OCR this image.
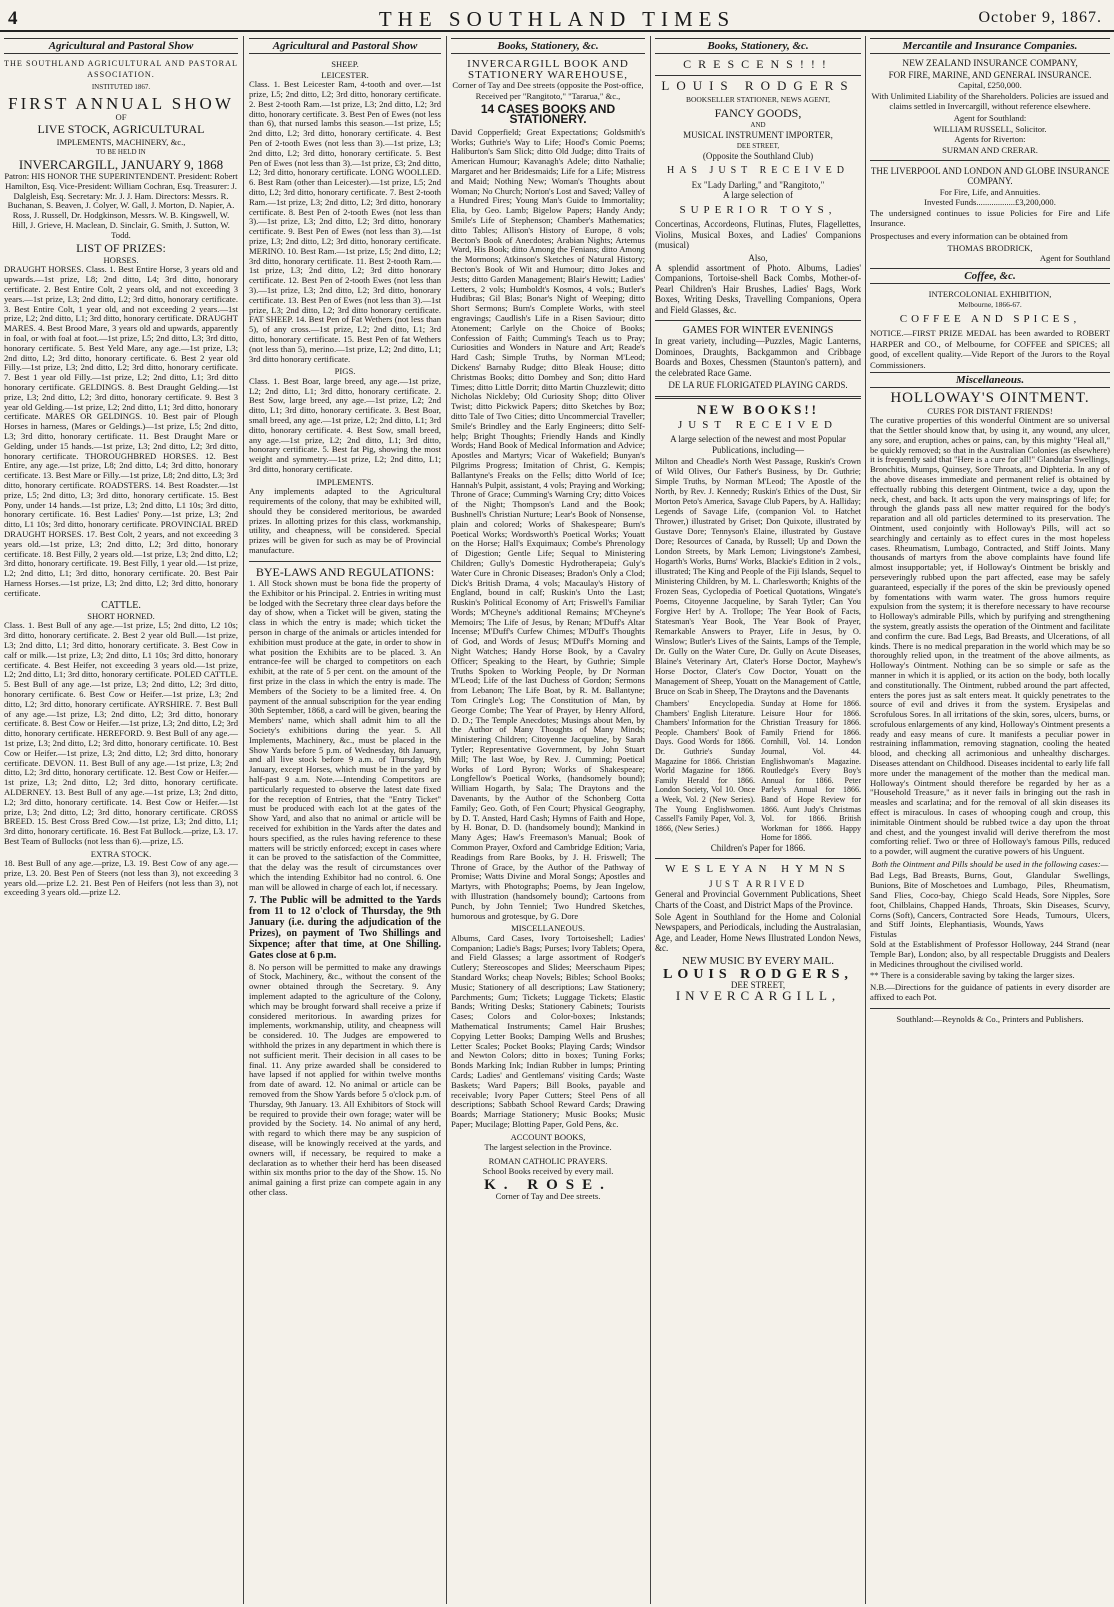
4	THE SOUTHLAND TIMES	October 9, 1867.
Agricultural and Pastoral Show
THE SOUTHLAND AGRICULTURAL AND PASTORAL ASSOCIATION.
INSTITUTED 1867.
FIRST ANNUAL SHOW
OF
LIVE STOCK, AGRICULTURAL
IMPLEMENTS, MACHINERY, &c.,
TO BE HELD IN
INVERCARGILL, JANUARY 9, 1868

Patron: HIS HONOR THE SUPERINTENDENT. President: Robert Hamilton, Esq. Vice-President: William Cochran, Esq. Treasurer: J. Dalgleish, Esq. Secretary: Mr. J. J. Ham. Directors: Messrs. R. Buchanan, S. Beaven, J. Colyer, W. Gall, J. Morton, D. Napier, A. Ross, J. Russell, Dr. Hodgkinson, Messrs. W. B. Kingswell, W. Hill, J. Grieve, H. Maclean, D. Sinclair, G. Smith, J. Sutton, W. Todd.

LIST OF PRIZES:
HORSES.

DRAUGHT HORSES. Class. 1. Best Entire Horse, 3 years old and upwards.—1st prize, L8; 2nd ditto, L4; 3rd ditto, honorary certificate. 2. Best Entire Colt, 2 years old, and not exceeding 3 years.—1st prize, L3; 2nd ditto, L2; 3rd ditto, honorary certificate. 3. Best Entire Colt, 1 year old, and not exceeding 2 years.—1st prize, L2; 2nd ditto, L1; 3rd ditto, honorary certificate. DRAUGHT MARES. 4. Best Brood Mare, 3 years old and upwards, apparently in foal, or with foal at foot.—1st prize, L5; 2nd ditto, L3; 3rd ditto, honorary certificate. 5. Best Yeld Mare, any age.—1st prize, L3; 2nd ditto, L2; 3rd ditto, honorary certificate. 6. Best 2 year old Filly.—1st prize, L3; 2nd ditto, L2; 3rd ditto, honorary certificate. 7. Best 1 year old Filly.—1st prize, L2; 2nd ditto, L1; 3rd ditto honorary certificate. GELDINGS. 8. Best Draught Gelding.—1st prize, L3; 2nd ditto, L2; 3rd ditto, honorary certificate. 9. Best 3 year old Gelding.—1st prize, L2; 2nd ditto, L1; 3rd ditto, honorary certificate. MARES OR GELDINGS. 10. Best pair of Plough Horses in harness, (Mares or Geldings.)—1st prize, L5; 2nd ditto, L3; 3rd ditto, honorary certificate. 11. Best Draught Mare or Gelding, under 15 hands.—1st prize, L3; 2nd ditto, L2; 3rd ditto, honorary certificate. THOROUGHBRED HORSES. 12. Best Entire, any age.—1st prize, L8; 2nd ditto, L4; 3rd ditto, honorary certificate. 13. Best Mare or Filly.—1st prize, L8; 2nd ditto, L3; 3rd ditto, honorary certificate. ROADSTERS. 14. Best Roadster.—1st prize, L5; 2nd ditto, L3; 3rd ditto, honorary certificate. 15. Best Pony, under 14 hands.—1st prize, L3; 2nd ditto, L1 10s; 3rd ditto, honorary certificate. 16. Best Ladies' Pony.—1st prize, L3; 2nd ditto, L1 10s; 3rd ditto, honorary certificate. PROVINCIAL BRED DRAUGHT HORSES. 17. Best Colt, 2 years, and not exceeding 3 years old.—1st prize, L3; 2nd ditto, L2; 3rd ditto, honorary certificate. 18. Best Filly, 2 years old.—1st prize, L3; 2nd ditto, L2; 3rd ditto, honorary certificate. 19. Best Filly, 1 year old.—1st prize, L2; 2nd ditto, L1; 3rd ditto, honorary certificate. 20. Best Pair Harness Horses.—1st prize, L3; 2nd ditto, L2; 3rd ditto, honorary certificate.

CATTLE.
SHORT HORNED.

Class. 1. Best Bull of any age.—1st prize, L5; 2nd ditto, L2 10s; 3rd ditto, honorary certificate. 2. Best 2 year old Bull.—1st prize, L3; 2nd ditto, L1; 3rd ditto, honorary certificate. 3. Best Cow in calf or milk.—1st prize, L3; 2nd ditto, L1 10s; 3rd ditto, honorary certificate. 4. Best Heifer, not exceeding 3 years old.—1st prize, L2; 2nd ditto, L1; 3rd ditto, honorary certificate. POLED CATTLE. 5. Best Bull of any age.—1st prize, L3; 2nd ditto, L2; 3rd ditto, honorary certificate. 6. Best Cow or Heifer.—1st prize, L3; 2nd ditto, L2; 3rd ditto, honorary certificate. AYRSHIRE. 7. Best Bull of any age.—1st prize, L3; 2nd ditto, L2; 3rd ditto, honorary certificate. 8. Best Cow or Heifer.—1st prize, L3; 2nd ditto, L2; 3rd ditto, honorary certificate. HEREFORD. 9. Best Bull of any age.—1st prize, L3; 2nd ditto, L2; 3rd ditto, honorary certificate. 10. Best Cow or Heifer.—1st prize, L3; 2nd ditto, L2; 3rd ditto, honorary certificate. DEVON. 11. Best Bull of any age.—1st prize, L3; 2nd ditto, L2; 3rd ditto, honorary certificate. 12. Best Cow or Heifer.—1st prize, L3; 2nd ditto, L2; 3rd ditto, honorary certificate. ALDERNEY. 13. Best Bull of any age.—1st prize, L3; 2nd ditto, L2; 3rd ditto, honorary certificate. 14. Best Cow or Heifer.—1st prize, L3; 2nd ditto, L2; 3rd ditto, honorary certificate. CROSS BREED. 15. Best Cross Bred Cow.—1st prize, L3; 2nd ditto, L1; 3rd ditto, honorary certificate. 16. Best Fat Bullock.—prize, L3. 17. Best Team of Bullocks (not less than 6).—prize, L5.

EXTRA STOCK.

18. Best Bull of any age.—prize, L3. 19. Best Cow of any age.—prize, L3. 20. Best Pen of Steers (not less than 3), not exceeding 3 years old.—prize L2. 21. Best Pen of Heifers (not less than 3), not exceeding 3 years old.—prize L2.

Agricultural and Pastoral Show
SHEEP.
LEICESTER.

Class. 1. Best Leicester Ram, 4-tooth and over.—1st prize, L5; 2nd ditto, L2; 3rd ditto, honorary certificate. 2. Best 2-tooth Ram.—1st prize, L3; 2nd ditto, L2; 3rd ditto, honorary certificate. 3. Best Pen of Ewes (not less than 6), that nursed lambs this season.—1st prize, L5; 2nd ditto, L2; 3rd ditto, honorary certificate. 4. Best Pen of 2-tooth Ewes (not less than 3).—1st prize, L3; 2nd ditto, L2; 3rd ditto, honorary certificate. 5. Best Pen of Ewes (not less than 3).—1st prize, £3; 2nd ditto, L2; 3rd ditto, honorary certificate. LONG WOOLLED. 6. Best Ram (other than Leicester).—1st prize, L5; 2nd ditto, L2; 3rd ditto, honorary certificate. 7. Best 2-tooth Ram.—1st prize, L3; 2nd ditto, L2; 3rd ditto, honorary certificate. 8. Best Pen of 2-tooth Ewes (not less than 3).—1st prize, L3; 2nd ditto, L2; 3rd ditto, honorary certificate. 9. Best Pen of Ewes (not less than 3).—1st prize, L3; 2nd ditto, L2; 3rd ditto, honorary certificate. MERINO. 10. Best Ram.—1st prize, L5; 2nd ditto, L2; 3rd ditto, honorary certificate. 11. Best 2-tooth Ram.—1st prize, L3; 2nd ditto, L2; 3rd ditto honorary certificate. 12. Best Pen of 2-tooth Ewes (not less than 3).—1st prize, L3; 2nd ditto, L2; 3rd ditto, honorary certificate. 13. Best Pen of Ewes (not less than 3).—1st prize, L3; 2nd ditto, L2; 3rd ditto honorary certificate. FAT SHEEP. 14. Best Pen of Fat Wethers (not less than 5), of any cross.—1st prize, L2; 2nd ditto, L1; 3rd ditto, honorary certificate. 15. Best Pen of fat Wethers (not less than 5), merino.—1st prize, L2; 2nd ditto, L1; 3rd ditto honorary certificate.

PIGS.

Class. 1. Best Boar, large breed, any age.—1st prize, L2; 2nd ditto, L1; 3rd ditto, honorary certificate. 2. Best Sow, large breed, any age.—1st prize, L2; 2nd ditto, L1; 3rd ditto, honorary certificate. 3. Best Boar, small breed, any age.—1st prize, L2; 2nd ditto, L1; 3rd ditto, honorary certificate. 4. Best Sow, small breed, any age.—1st prize, L2; 2nd ditto, L1; 3rd ditto, honorary certificate. 5. Best fat Pig, showing the most weight and symmetry.—1st prize, L2; 2nd ditto, L1; 3rd ditto, honorary certificate.

IMPLEMENTS.

Any implements adapted to the Agricultural requirements of the colony, that may be exhibited will, should they be considered meritorious, be awarded prizes. In allotting prizes for this class, workmanship, utility, and cheapness, will be considered. Special prizes will be given for such as may be of Provincial manufacture.

BYE-LAWS AND REGULATIONS:

1. All Stock shown must be bona fide the property of the Exhibitor or his Principal. 2. Entries in writing must be lodged with the Secretary three clear days before the day of show, when a Ticket will be given, stating the class in which the entry is made; which ticket the person in charge of the animals or articles intended for exhibition must produce at the gate, in order to show in what position the Exhibits are to be placed. 3. An entrance-fee will be charged to competitors on each exhibit, at the rate of 5 per cent. on the amount of the first prize in the class in which the entry is made. The Members of the Society to be a limited free. 4. On payment of the annual subscription for the year ending 30th September, 1868, a card will be given, bearing the Members' name, which shall admit him to all the Society's exhibitions during the year. 5. All Implements, Machinery, &c., must be placed in the Show Yards before 5 p.m. of Wednesday, 8th January, and all live stock before 9 a.m. of Thursday, 9th January, except Horses, which must be in the yard by half-past 9 a.m. Note.—Intending Competitors are particularly requested to observe the latest date fixed for the reception of Entries, that the "Entry Ticket" must be produced with each lot at the gates of the Show Yard, and also that no animal or article will be received for exhibition in the Yards after the dates and hours specified, as the rules having reference to these matters will be strictly enforced; except in cases where it can be proved to the satisfaction of the Committee, that the delay was the result of circumstances over which the intending Exhibitor had no control. 6. One man will be allowed in charge of each lot, if necessary.

7. The Public will be admitted to the Yards from 11 to 12 o'clock of Thursday, the 9th January (i.e. during the adjudication of the Prizes), on payment of Two Shillings and Sixpence; after that time, at One Shilling. Gates close at 6 p.m.

8. No person will be permitted to make any drawings of Stock, Machinery, &c., without the consent of the owner obtained through the Secretary. 9. Any implement adapted to the agriculture of the Colony, which may be brought forward shall receive a prize if considered meritorious. In awarding prizes for implements, workmanship, utility, and cheapness will be considered. 10. The Judges are empowered to withhold the prizes in any department in which there is not sufficient merit. Their decision in all cases to be final. 11. Any prize awarded shall be considered to have lapsed if not applied for within twelve months from date of award. 12. No animal or article can be removed from the Show Yards before 5 o'clock p.m. of Thursday, 9th January. 13. All Exhibitors of Stock will be required to provide their own forage; water will be provided by the Society. 14. No animal of any herd, with regard to which there may be any suspicion of disease, will be knowingly received at the yards, and owners will, if necessary, be required to make a declaration as to whether their herd has been diseased within six months prior to the day of the Show. 15. No animal gaining a first prize can compete again in any other class.

Books, Stationery, &c.
INVERCARGILL BOOK AND
STATIONERY WAREHOUSE,
Corner of Tay and Dee streets (opposite the Post-office,
Received per "Rangitoto," "Tararua," &c.,
14 CASES BOOKS AND STATIONERY.

David Copperfield; Great Expectations; Goldsmith's Works; Guthrie's Way to Life; Hood's Comic Poems; Haliburton's Sam Slick; ditto Old Judge; ditto Traits of American Humour; Kavanagh's Adele; ditto Nathalie; Margaret and her Bridesmaids; Life for a Life; Mistress and Maid; Nothing New; Woman's Thoughts about Woman; No Church; Norton's Lost and Saved; Valley of a Hundred Fires; Young Man's Guide to Immortality; Elia, by Geo. Lamb; Bigelow Papers; Handy Andy; Smile's Life of Stephenson; Chamber's Mathematics; ditto Tables; Allison's History of Europe, 8 vols; Becton's Book of Anecdotes; Arabian Nights; Artemus Ward, His Book; ditto Among the Fenians; ditto Among the Mormons; Atkinson's Sketches of Natural History; Becton's Book of Wit and Humour; ditto Jokes and Jests; ditto Garden Management; Blair's Hewitt; Ladies' Letters, 2 vols; Humboldt's Kosmos, 4 vols.; Butler's Hudibras; Gil Blas; Bonar's Night of Weeping; ditto Short Sermons; Burn's Complete Works, with steel engravings; Caudlish's Life in a Risen Saviour; ditto Atonement; Carlyle on the Choice of Books; Confession of Faith; Cumming's Teach us to Pray; Curiosities and Wonders in Nature and Art; Reade's Hard Cash; Simple Truths, by Norman M'Leod; Dickens' Barnaby Rudge; ditto Bleak House; ditto Christmas Books; ditto Dombey and Son; ditto Hard Times; ditto Little Dorrit; ditto Martin Chuzzlewit; ditto Nicholas Nickleby; Old Curiosity Shop; ditto Oliver Twist; ditto Pickwick Papers; ditto Sketches by Boz; ditto Tale of Two Cities; ditto Uncommercial Traveller; Smile's Brindley and the Early Engineers; ditto Self-help; Bright Thoughts; Friendly Hands and Kindly Words; Hand Book of Medical Information and Advice; Apostles and Martyrs; Vicar of Wakefield; Bunyan's Pilgrims Progress; Imitation of Christ, G. Kempis; Ballantyne's Freaks on the Fells; ditto World of Ice; Hannah's Pulpit, assistant, 4 vols; Praying and Working; Throne of Grace; Cumming's Warning Cry; ditto Voices of the Night; Thompson's Land and the Book; Bushnell's Christian Nurture; Lear's Book of Nonsense, plain and colored; Works of Shakespeare; Burn's Poetical Works; Wordsworth's Poetical Works; Youatt on the Horse; Hall's Exquimaux; Combe's Phrenology of Digestion; Gentle Life; Sequal to Ministering Children; Gully's Domestic Hydrotherapeia; Guly's Water Cure in Chronic Diseases; Bradon's Only a Clod; Dick's British Drama, 4 vols; Macaulay's History of England, bound in calf; Ruskin's Unto the Last; Ruskin's Political Economy of Art; Friswell's Familiar Words; M'Cheyne's additional Remains; M'Cheyne's Memoirs; The Life of Jesus, by Renan; M'Duff's Altar Incense; M'Duff's Curfew Chimes; M'Duff's Thoughts of God, and Words of Jesus; M'Duff's Morning and Night Watches; Handy Horse Book, by a Cavalry Officer; Speaking to the Heart, by Guthrie; Simple Truths Spoken to Working People, by Dr Norman M'Leod; Life of the last Duchess of Gordon; Sermons from Lebanon; The Life Boat, by R. M. Ballantyne; Tom Cringle's Log; The Constitution of Man, by George Combe; The Year of Prayer, by Henry Alford, D. D.; The Temple Anecdotes; Musings about Men, by the Author of Many Thoughts of Many Minds; Ministering Children; Citoyenne Jacqueline, by Sarah Tytler; Representative Government, by John Stuart Mill; The last Woe, by Rev. J. Cumming; Poetical Works of Lord Byron; Works of Shakespeare; Longfellow's Poetical Works, (handsomely bound); William Hogarth, by Sala; The Draytons and the Davenants, by the Author of the Schonberg Cotta Family; Geo. Goth, of Fen Court; Physical Geography, by D. T. Ansted, Hard Cash; Hymns of Faith and Hope, by H. Bonar, D. D. (handsomely bound); Mankind in Many Ages; Haw's Freemason's Manual; Book of Common Prayer, Oxford and Cambridge Edition; Varia, Readings from Rare Books, by J. H. Friswell; The Throne of Grace, by the Author of the Pathway of Promise; Watts Divine and Moral Songs; Apostles and Martyrs, with Photographs; Poems, by Jean Ingelow, with Illustration (handsomely bound); Cartoons from Punch, by John Tenniel; Two Hundred Sketches, humorous and grotesque, by G. Dore

MISCELLANEOUS.

Albums, Card Cases, Ivory Tortoiseshell; Ladies' Companion; Ladie's Bags; Purses; Ivory Tablets; Opera, and Field Glasses; a large assortment of Rodger's Cutlery; Stereoscopes and Slides; Meerschaum Pipes; Standard Works; cheap Novels; Bibles; School Books; Music; Stationery of all descriptions; Law Stationery; Parchments; Gum; Tickets; Luggage Tickets; Elastic Bands; Writing Desks; Stationery Cabinets; Tourists Cases; Colors and Color-boxes; Inkstands; Mathematical Instruments; Camel Hair Brushes; Copying Letter Books; Damping Wells and Brushes; Letter Scales; Pocket Books; Playing Cards; Windsor and Newton Colors; ditto in boxes; Tuning Forks; Bonds Marking Ink; Indian Rubber in lumps; Printing Cards; Ladies' and Gentlemans' visiting Cards; Waste Baskets; Ward Papers; Bill Books, payable and receivable; Ivory Paper Cutters; Steel Pens of all descriptions; Sabbath School Reward Cards; Drawing Boards; Marriage Stationery; Music Books; Music Paper; Mucilage; Blotting Paper, Gold Pens, &c.

ACCOUNT BOOKS,
The largest selection in the Province.
ROMAN CATHOLIC PRAYERS.
School Books received by every mail.
K. ROSE.
Corner of Tay and Dee streets.
Books, Stationery, &c.
CRESCENS!!!
LOUIS RODGERS
BOOKSELLER STATIONER, NEWS AGENT,
FANCY GOODS,
AND
MUSICAL INSTRUMENT IMPORTER,
DEE STREET,
(Opposite the Southland Club)
HAS JUST RECEIVED
Ex "Lady Darling," and "Rangitoto,"
A large selection of
SUPERIOR TOYS,

Concertinas, Accordeons, Flutinas, Flutes, Flagellettes, Violins, Musical Boxes, and Ladies' Companions (musical)

Also,

A splendid assortment of Photo. Albums, Ladies' Companions, Tortoise-shell Back Combs, Mother-of-Pearl Children's Hair Brushes, Ladies' Bags, Work Boxes, Writing Desks, Travelling Companions, Opera and Field Glasses, &c.

GAMES FOR WINTER EVENINGS

In great variety, including—Puzzles, Magic Lanterns, Dominoes, Draughts, Backgammon and Cribbage Boards and Boxes, Chessmen (Staunton's pattern), and the celebrated Race Game.

DE LA RUE FLORIGATED PLAYING CARDS.
NEW BOOKS!!
JUST RECEIVED

A large selection of the newest and most Popular Publications, including—

Milton and Cheadle's North West Passage, Ruskin's Crown of Wild Olives, Our Father's Business, by Dr. Guthrie; Simple Truths, by Norman M'Leod; The Apostle of the North, by Rev. J. Kennedy; Ruskin's Ethics of the Dust, Sir Morton Peto's America, Savage Club Papers, by A. Halliday; Legends of Savage Life, (companion Vol. to Hatchet Thrower,) illustrated by Griset; Don Quixote, illustrated by Gustave Dore; Tennyson's Elaine, illustrated by Gustave Dore; Resources of Canada, by Russell; Up and Down the London Streets, by Mark Lemon; Livingstone's Zambesi, Hogarth's Works, Burns' Works, Blackie's Edition in 2 vols., illustrated; The King and People of the Fiji Islands, Sequel to Ministering Children, by M. L. Charlesworth; Knights of the Frozen Seas, Cyclopedia of Poetical Quotations, Wingate's Poems, Citoyenne Jacqueline, by Sarah Tytler; Can You Forgive Her! by A. Trollope; The Year Book of Facts, Statesman's Year Book, The Year Book of Prayer, Remarkable Answers to Prayer, Life in Jesus, by O. Winslow; Butler's Lives of the Saints, Lamps of the Temple, Dr. Gully on the Water Cure, Dr. Gully on Acute Diseases, Blaine's Veterinary Art, Clater's Horse Doctor, Mayhew's Horse Doctor, Clater's Cow Doctor, Youatt on the Management of Sheep, Youatt on the Management of Cattle, Bruce on Scab in Sheep, The Draytons and the Davenants

Chambers' Encyclopedia. Chambers' English Literature. Chambers' Information for the People. Chambers' Book of Days. Good Words for 1866. Dr. Guthrie's Sunday Magazine for 1866. Christian World Magazine for 1866. Family Herald for 1866. London Society, Vol 10. Once a Week, Vol. 2 (New Series). The Young Englishwomen. Cassell's Family Paper, Vol. 3, 1866, (New Series.)
Sunday at Home for 1866. Leisure Hour for 1866. Christian Treasury for 1866. Family Friend for 1866. Cornhill, Vol. 14. London Journal, Vol. 44. Englishwoman's Magazine. Routledge's Every Boy's Annual for 1866. Peter Parley's Annual for 1866. Band of Hope Review for 1866. Aunt Judy's Christmas Vol. for 1866. British Workman for 1866. Happy Home for 1866.
Children's Paper for 1866.
WESLEYAN HYMNS
JUST ARRIVED

General and Provincial Government Publications, Sheet Charts of the Coast, and District Maps of the Province.

Sole Agent in Southland for the Home and Colonial Newspapers, and Periodicals, including the Australasian, Age, and Leader, Home News Illustrated London News, &c.

NEW MUSIC BY EVERY MAIL.
LOUIS RODGERS,
DEE STREET,
INVERCARGILL,
Mercantile and Insurance Companies.
NEW ZEALAND INSURANCE COMPANY,
FOR FIRE, MARINE, AND GENERAL INSURANCE.
Capital, £250,000.

With Unlimited Liability of the Shareholders. Policies are issued and claims settled in Invercargill, without reference elsewhere.

Agent for Southland:
WILLIAM RUSSELL, Solicitor.
Agents for Riverton:
SURMAN AND CRERAR.
THE LIVERPOOL AND LONDON AND GLOBE INSURANCE COMPANY.
For Fire, Life, and Annuities.
Invested Funds..................£3,200,000.

The undersigned continues to issue Policies for Fire and Life Insurance.

Prospectuses and every information can be obtained from

THOMAS BRODRICK,
Agent for Southland
Coffee, &c.
INTERCOLONIAL EXHIBITION,
Melbourne, 1866-67.
COFFEE AND SPICES,

NOTICE.—FIRST PRIZE MEDAL has been awarded to ROBERT HARPER and CO., of Melbourne, for COFFEE and SPICES; all good, of excellent quality.—Vide Report of the Jurors to the Royal Commissioners.

Miscellaneous.
HOLLOWAY'S OINTMENT.
CURES FOR DISTANT FRIENDS!

The curative properties of this wonderful Ointment are so universal that the Settler should know that, by using it, any wound, any ulcer, any sore, and eruption, aches or pains, can, by this mighty "Heal all," be quickly removed; so that in the Australian Colonies (as elsewhere) it is frequently said that "Here is a cure for all!" Glandular Swellings, Bronchitis, Mumps, Quinsey, Sore Throats, and Diphteria. In any of the above diseases immediate and permanent relief is obtained by effectually rubbing this detergent Ointment, twice a day, upon the neck, chest, and back. It acts upon the very mainsprings of life; for through the glands pass all new matter required for the body's reparation and all old particles determined to its preservation. The Ointment, used conjointly with Holloway's Pills, will act so searchingly and certainly as to effect cures in the most hopeless cases. Rheumatism, Lumbago, Contracted, and Stiff Joints. Many thousands of martyrs from the above complaints have found life almost insupportable; yet, if Holloway's Ointment be briskly and perseveringly rubbed upon the part affected, ease may be safely guaranteed, especially if the pores of the skin be previously opened by fomentations with warm water. The gross humors require expulsion from the system; it is therefore necessary to have recourse to Holloway's admirable Pills, which by purifying and strengthening the system, greatly assists the operation of the Ointment and facilitate and confirm the cure. Bad Legs, Bad Breasts, and Ulcerations, of all kinds. There is no medical preparation in the world which may be so thoroughly relied upon, in the treatment of the above ailments, as Holloway's Ointment. Nothing can be so simple or safe as the manner in which it is applied, or its action on the body, both locally and constitutionally. The Ointment, rubbed around the part affected, enters the pores just as salt enters meat. It quickly penetrates to the source of evil and drives it from the system. Erysipelas and Scrofulous Sores. In all irritations of the skin, sores, ulcers, burns, or scrofulous enlargements of any kind, Holloway's Ointment presents a ready and easy means of cure. It manifests a peculiar power in restraining inflammation, removing stagnation, cooling the heated blood, and checking all acrimonious and unhealthy discharges. Diseases attendant on Childhood. Diseases incidental to early life fall more under the management of the mother than the medical man. Holloway's Ointment should therefore be regarded by her as a "Household Treasure," as it never fails in bringing out the rash in measles and scarlatina; and for the removal of all skin diseases its effect is miraculous. In cases of whooping cough and croup, this inimitable Ointment should be rubbed twice a day upon the throat and chest, and the youngest invalid will derive therefrom the most comforting relief. Two or three of Holloway's famous Pills, reduced to a powder, will augment the curative powers of his Unguent.

Both the Ointment and Pills should be used in the following cases:—

Bad Legs, Bad Breasts, Burns, Bunions, Bite of Moschetoes and Sand Flies, Coco-bay, Chiego foot, Chilblains, Chapped Hands, Corns (Soft), Cancers, Contracted and Stiff Joints, Elephantiasis, Fistulas
Gout, Glandular Swellings, Lumbago, Piles, Rheumatism, Scald Heads, Sore Nipples, Sore Throats, Skin Diseases, Scurvy, Sore Heads, Tumours, Ulcers, Wounds, Yaws

Sold at the Establishment of Professor Holloway, 244 Strand (near Temple Bar), London; also, by all respectable Druggists and Dealers in Medicines throughout the civilised world.

** There is a considerable saving by taking the larger sizes.

N.B.—Directions for the guidance of patients in every disorder are affixed to each Pot.

Southland:—Reynolds & Co., Printers and Publishers.
